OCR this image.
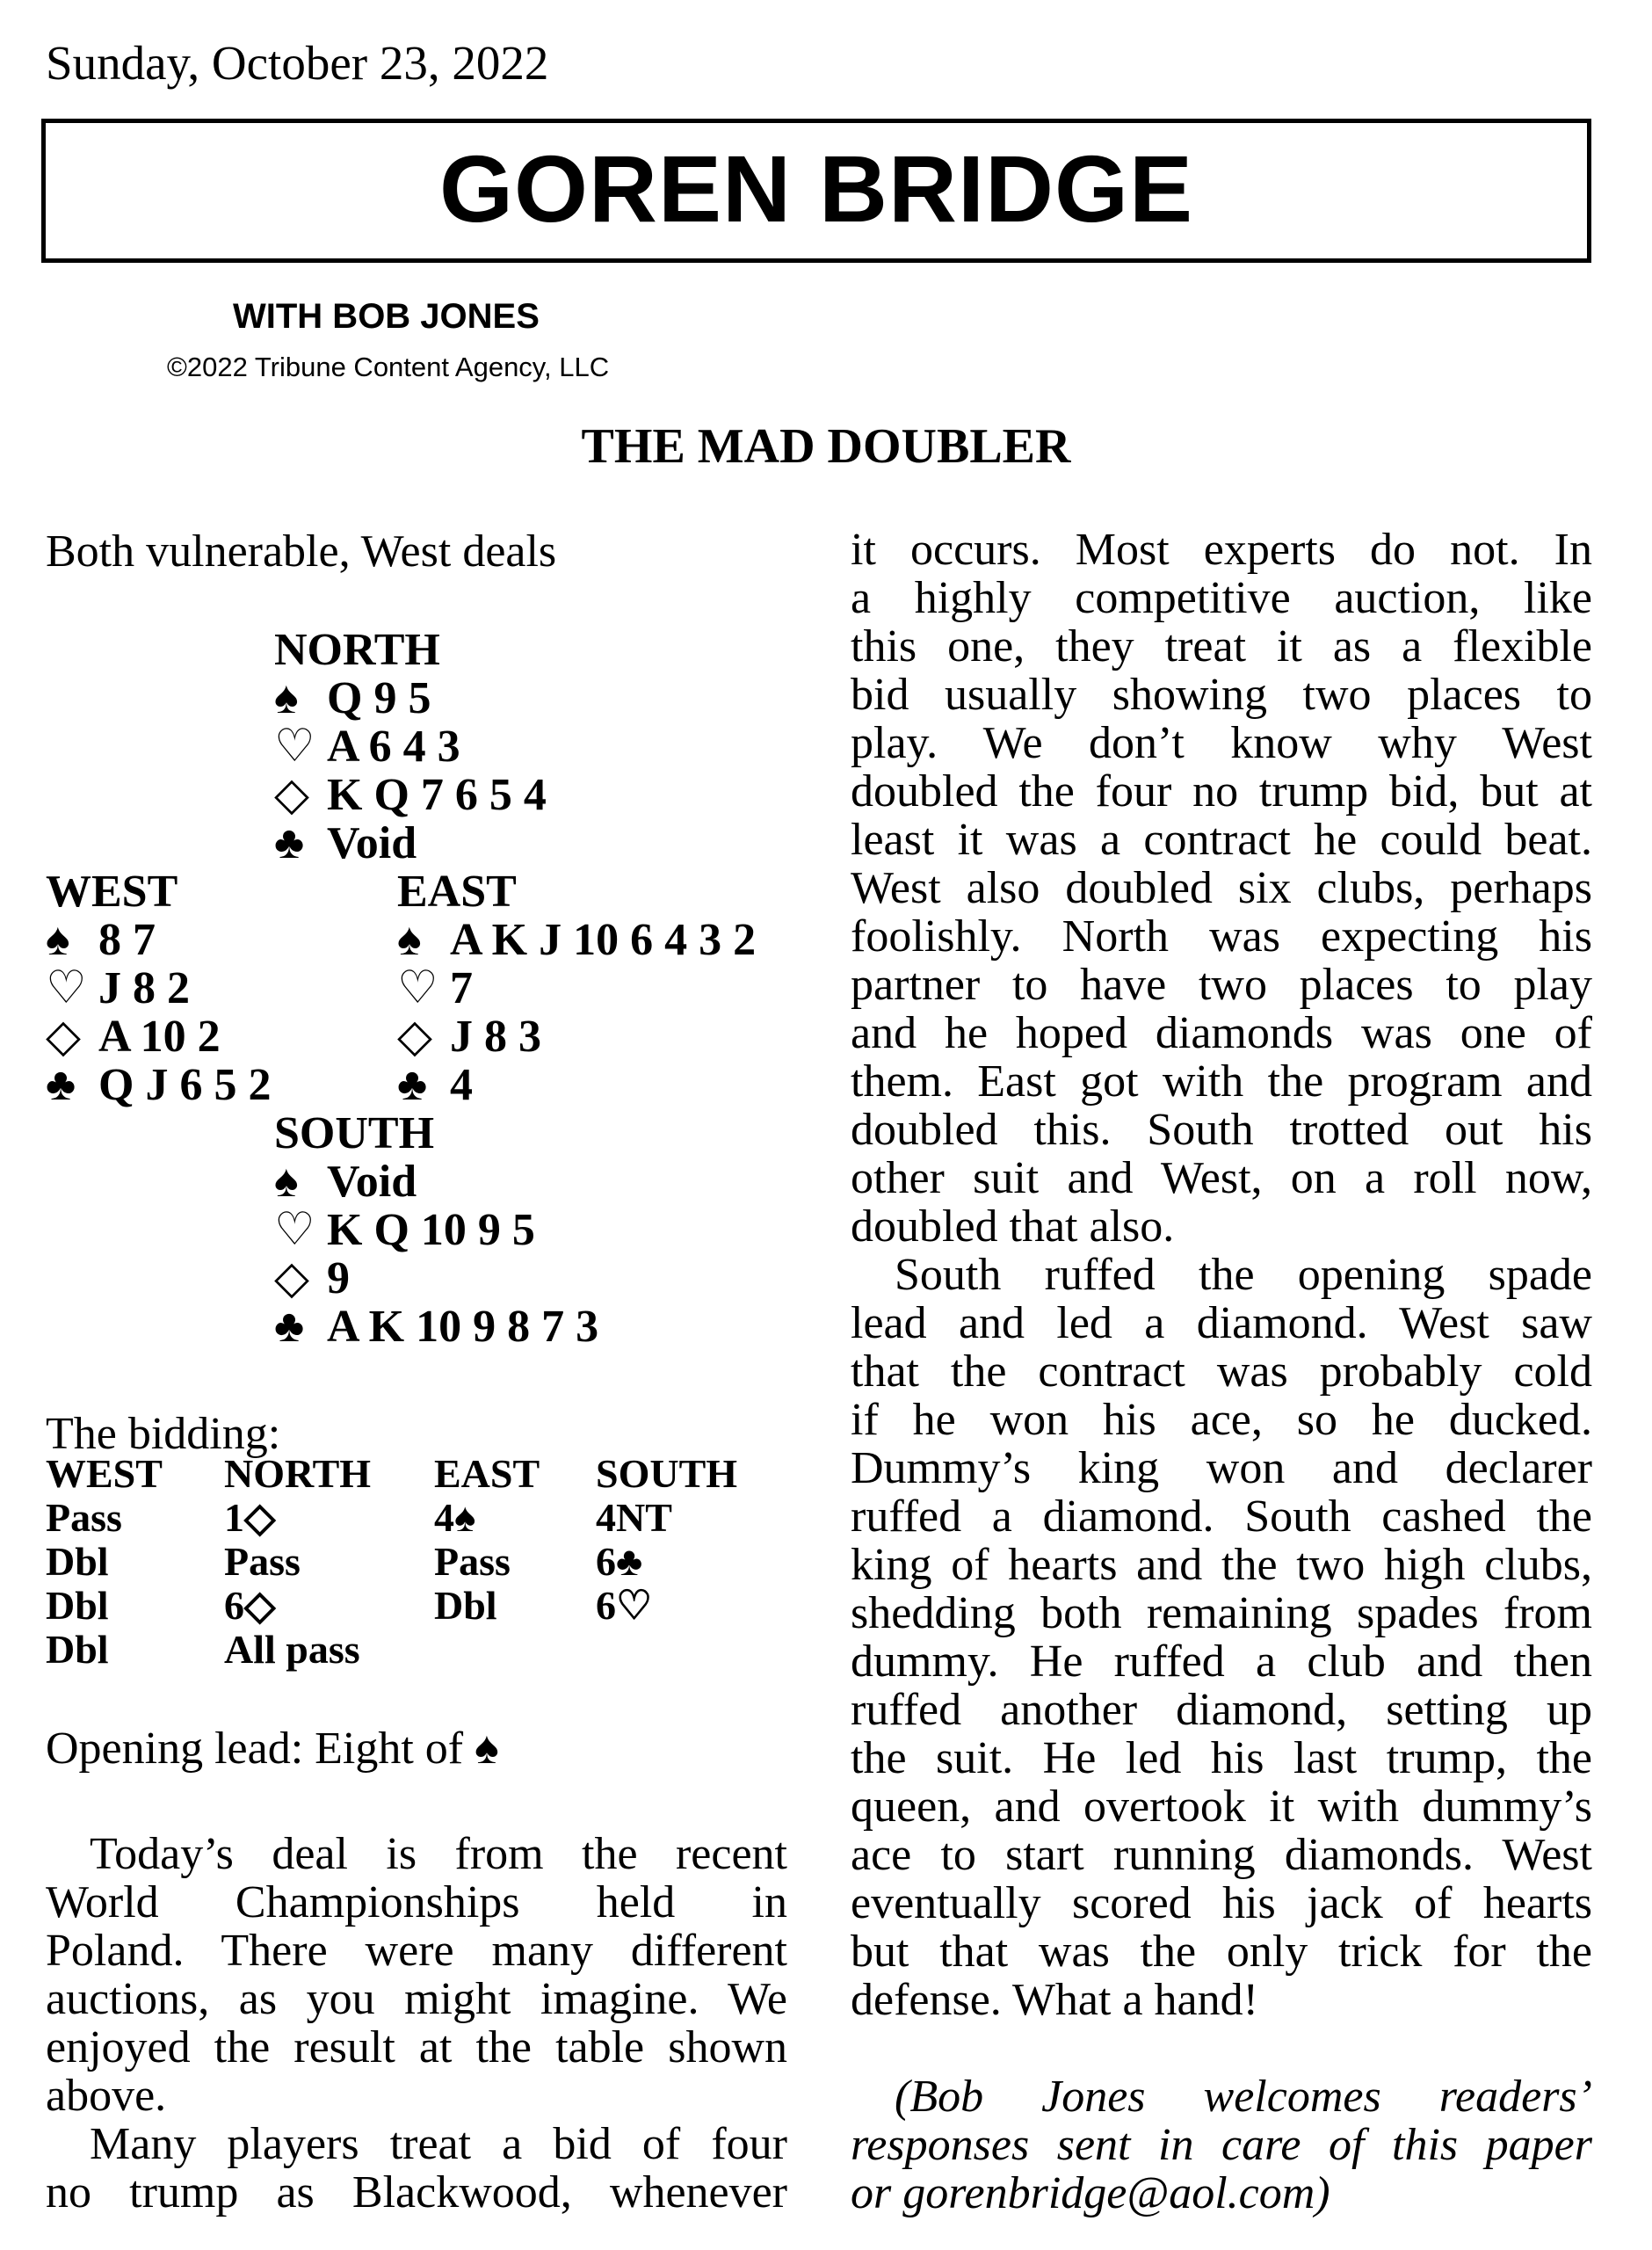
Sunday, October 23, 2022
GOREN BRIDGE
WITH BOB JONES
©2022 Tribune Content Agency, LLC
THE MAD DOUBLER
Both vulnerable, West deals
NORTH
♠ Q 9 5
♡ A 6 4 3
◇ K Q 7 6 5 4
♣ Void
WEST
♠ 8 7
♡ J 8 2
◇ A 10 2
♣ Q J 6 5 2
EAST
♠ A K J 10 6 4 3 2
♡ 7
◇ J 8 3
♣ 4
SOUTH
♠ Void
♡ K Q 10 9 5
◇ 9
♣ A K 10 9 8 7 3
The bidding:
WEST NORTH EAST SOUTH
Pass	1◇	4♠	4NT
Dbl	Pass	Pass 6♣
Dbl	6◇	Dbl 6♡
Dbl	All pass
Opening lead: Eight of ♠
Today’s deal is from the recent
World Championships held in
Poland. There were many different
auctions, as you might imagine. We
enjoyed the result at the table shown
above.
Many players treat a bid of four
no trump as Blackwood, whenever
it occurs. Most experts do not. In
a highly competitive auction, like
this one, they treat it as a flexible
bid usually showing two places to
play. We don’t know why West
doubled the four no trump bid, but at
least it was a contract he could beat.
West also doubled six clubs, perhaps
foolishly. North was expecting his
partner to have two places to play
and he hoped diamonds was one of
them. East got with the program and
doubled this. South trotted out his
other suit and West, on a roll now,
doubled that also.
South ruffed the opening spade
lead and led a diamond. West saw
that the contract was probably cold
if he won his ace, so he ducked.
Dummy’s king won and declarer
ruffed a diamond. South cashed the
king of hearts and the two high clubs,
shedding both remaining spades from
dummy. He ruffed a club and then
ruffed another diamond, setting up
the suit. He led his last trump, the
queen, and overtook it with dummy’s
ace to start running diamonds. West
eventually scored his jack of hearts
but that was the only trick for the
defense. What a hand!
(Bob Jones welcomes readers’
responses sent in care of this paper
or gorenbridge@aol.com)
